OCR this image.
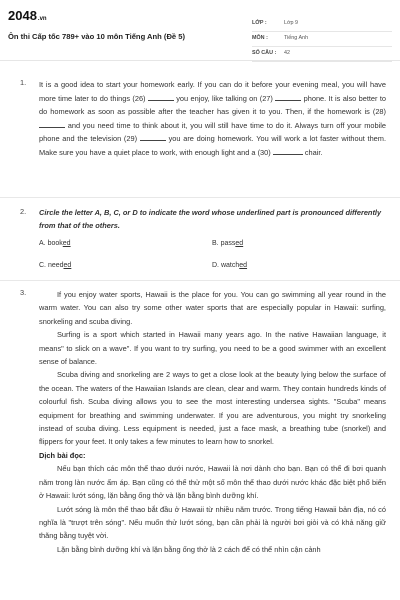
2048.vn
Ôn thi Cấp tốc 789+ vào 10 môn Tiếng Anh (Đề 5)
LỚP :	Lớp 9
MÔN :	Tiếng Anh
SỐ CÂU : 42
1. It is a good idea to start your homework early. If you can do it before your evening meal, you will have more time later to do things (26)	you enjoy, like talking on (27)	phone. It is also better to do homework as soon as possible after the teacher has given it to you. Then, if the homework is (28)  and you need time to think about it, you will still have time to do it. Always turn off your mobile phone and the television (29)	you are doing homework. You will work a lot faster without them. Make sure you have a quiet place to work, with enough light and a (30)	chair.
2. Circle the letter A, B, C, or D to indicate the word whose underlined part is pronounced differently from that of the others.
A. booked	B. passed
C. needed	D. watched
3.	If you enjoy water sports, Hawaii is the place for you. You can go swimming all year round in the warm water. You can also try some other water sports that are especially popular in Hawaii: surfing, snorkeling and scuba diving.

Surfing is a sport which started in Hawaii many years ago. In the native Hawaiian language, it means" to slick on a wave". If you want to try surfing, you need to be a good swimmer with an excellent sense of balance.

Scuba diving and snorkeling are 2 ways to get a close look at the beauty lying below the surface of the ocean. The waters of the Hawaiian Islands are clean, clear and warm. They contain hundreds kinds of colourful fish. Scuba diving allows you to see the most interesting undersea sights. "Scuba" means equipment for breathing and swimming underwater. If you are adventurous, you might try snorkeling instead of scuba diving. Less equipment is needed, just a face mask, a breathing tube (snorkel) and flippers for your feet. It only takes a few minutes to learn how to snorkel.

Dịch bài đọc:

Nếu bạn thích các môn thể thao dưới nước, Hawaii là nơi dành cho bạn. Bạn có thể đi bơi quanh năm trong làn nước ấm áp. Bạn cũng có thể thử một số môn thể thao dưới nước khác đặc biệt phổ biến ở Hawaii: lướt sóng, lặn bằng ống thở và lặn bằng bình dưỡng khí.

Lướt sóng là môn thể thao bắt đầu ở Hawaii từ nhiều năm trước. Trong tiếng Hawaii bản địa, nó có nghĩa là "trượt trên sóng". Nếu muốn thử lướt sóng, bạn cần phải là người bơi giỏi và có khả năng giữ thăng bằng tuyệt vời.

Lặn bằng bình dưỡng khí và lặn bằng ống thở là 2 cách để có thể nhìn cận cảnh
